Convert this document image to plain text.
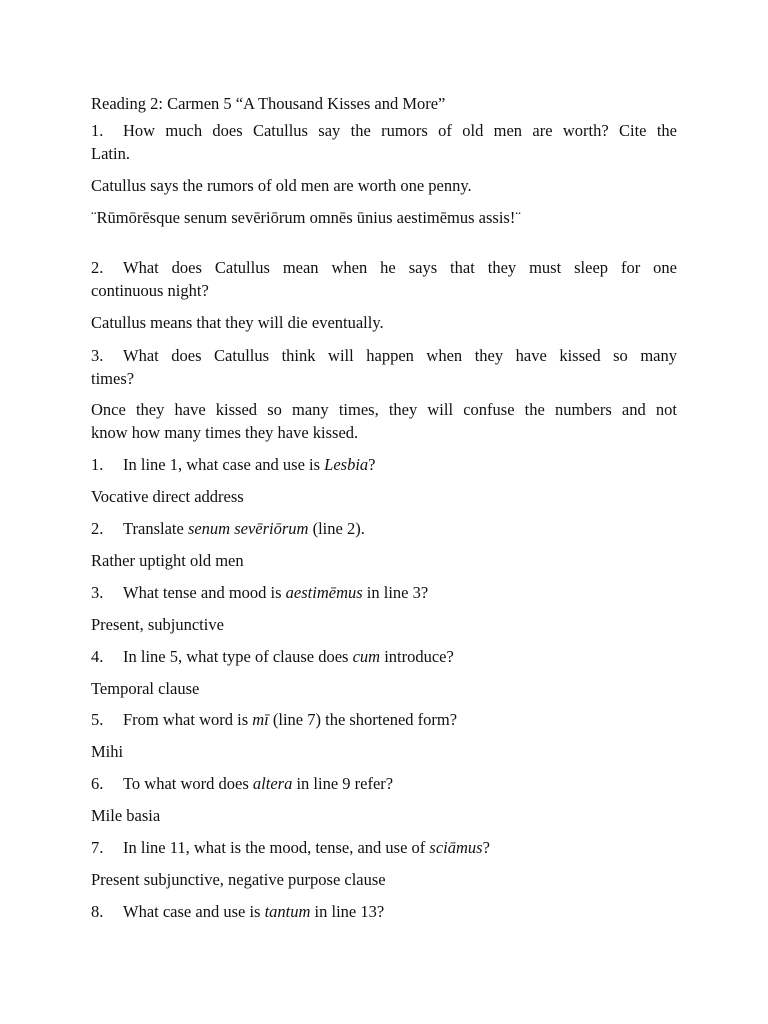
Reading 2: Carmen 5 “A Thousand Kisses and More”
1. How much does Catullus say the rumors of old men are worth? Cite the
Latin.
Catullus says the rumors of old men are worth one penny.
¨Rūmōrēsque senum sevēriōrum omnēs ūnius aestimēmus assis!¨
2. What does Catullus mean when he says that they must sleep for one
continuous night?
Catullus means that they will die eventually.
3. What does Catullus think will happen when they have kissed so many
times?
Once they have kissed so many times, they will confuse the numbers and not
know how many times they have kissed.
1. In line 1, what case and use is Lesbia?
Vocative direct address
2. Translate senum sevēriōrum (line 2).
Rather uptight old men
3. What tense and mood is aestimēmus in line 3?
Present, subjunctive
4. In line 5, what type of clause does cum introduce?
Temporal clause
5. From what word is mī (line 7) the shortened form?
Mihi
6. To what word does altera in line 9 refer?
Mile basia
7. In line 11, what is the mood, tense, and use of sciāmus?
Present subjunctive, negative purpose clause
8. What case and use is tantum in line 13?
